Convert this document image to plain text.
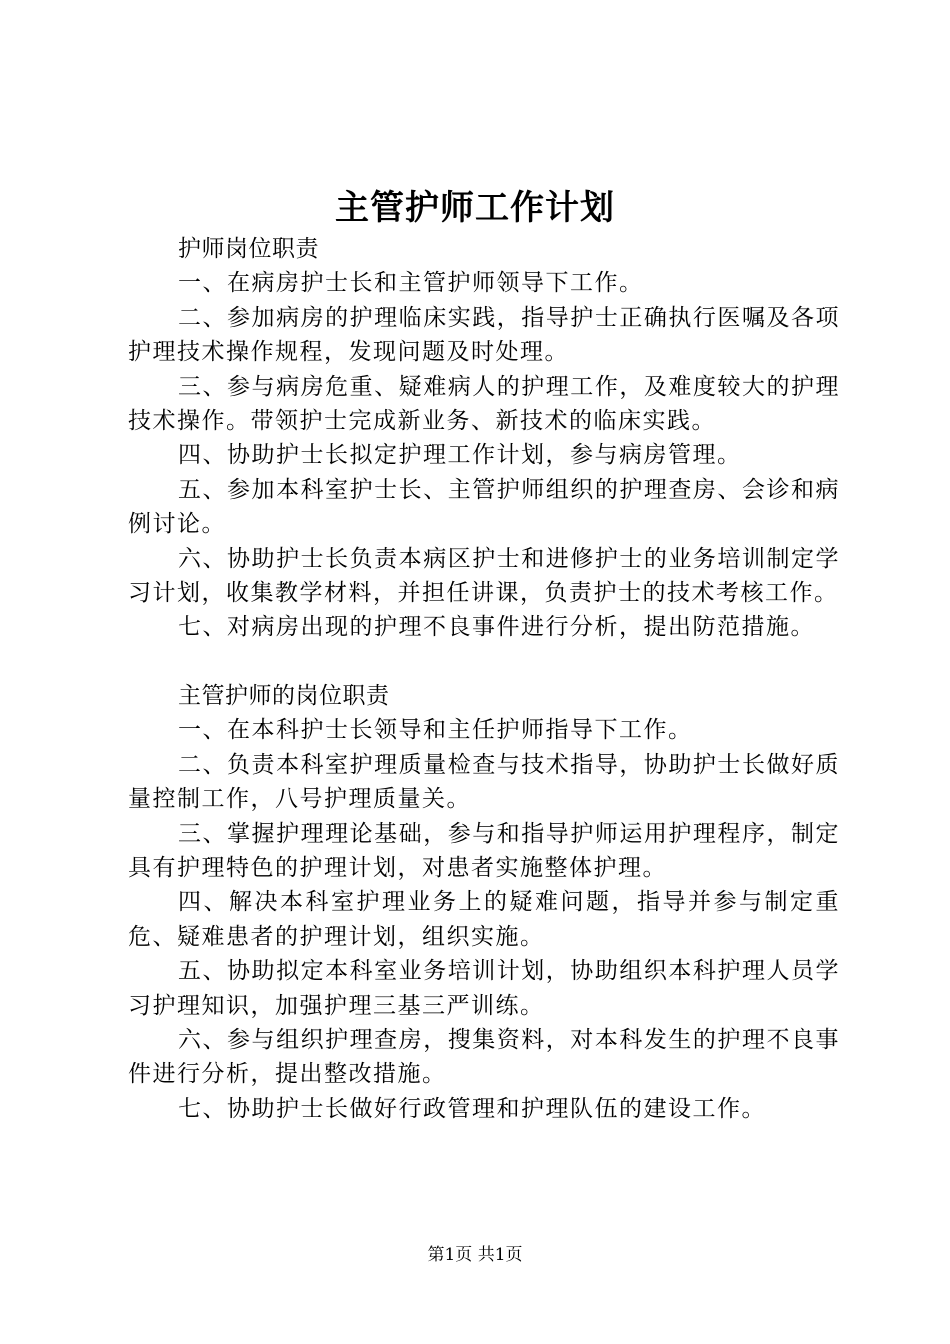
主管护师工作计划

护师岗位职责

一、在病房护士长和主管护师领导下工作。

二、参加病房的护理临床实践，指导护士正确执行医嘱及各项护理技术操作规程，发现问题及时处理。

三、参与病房危重、疑难病人的护理工作，及难度较大的护理技术操作。带领护士完成新业务、新技术的临床实践。

四、协助护士长拟定护理工作计划，参与病房管理。

五、参加本科室护士长、主管护师组织的护理查房、会诊和病例讨论。

六、协助护士长负责本病区护士和进修护士的业务培训制定学习计划，收集教学材料，并担任讲课，负责护士的技术考核工作。

七、对病房出现的护理不良事件进行分析，提出防范措施。

主管护师的岗位职责

一、在本科护士长领导和主任护师指导下工作。

二、负责本科室护理质量检查与技术指导，协助护士长做好质量控制工作，八号护理质量关。

三、掌握护理理论基础，参与和指导护师运用护理程序，制定具有护理特色的护理计划，对患者实施整体护理。

四、解决本科室护理业务上的疑难问题，指导并参与制定重危、疑难患者的护理计划，组织实施。

五、协助拟定本科室业务培训计划，协助组织本科护理人员学习护理知识，加强护理三基三严训练。

六、参与组织护理查房，搜集资料，对本科发生的护理不良事件进行分析，提出整改措施。

七、协助护士长做好行政管理和护理队伍的建设工作。

第1页 共1页
